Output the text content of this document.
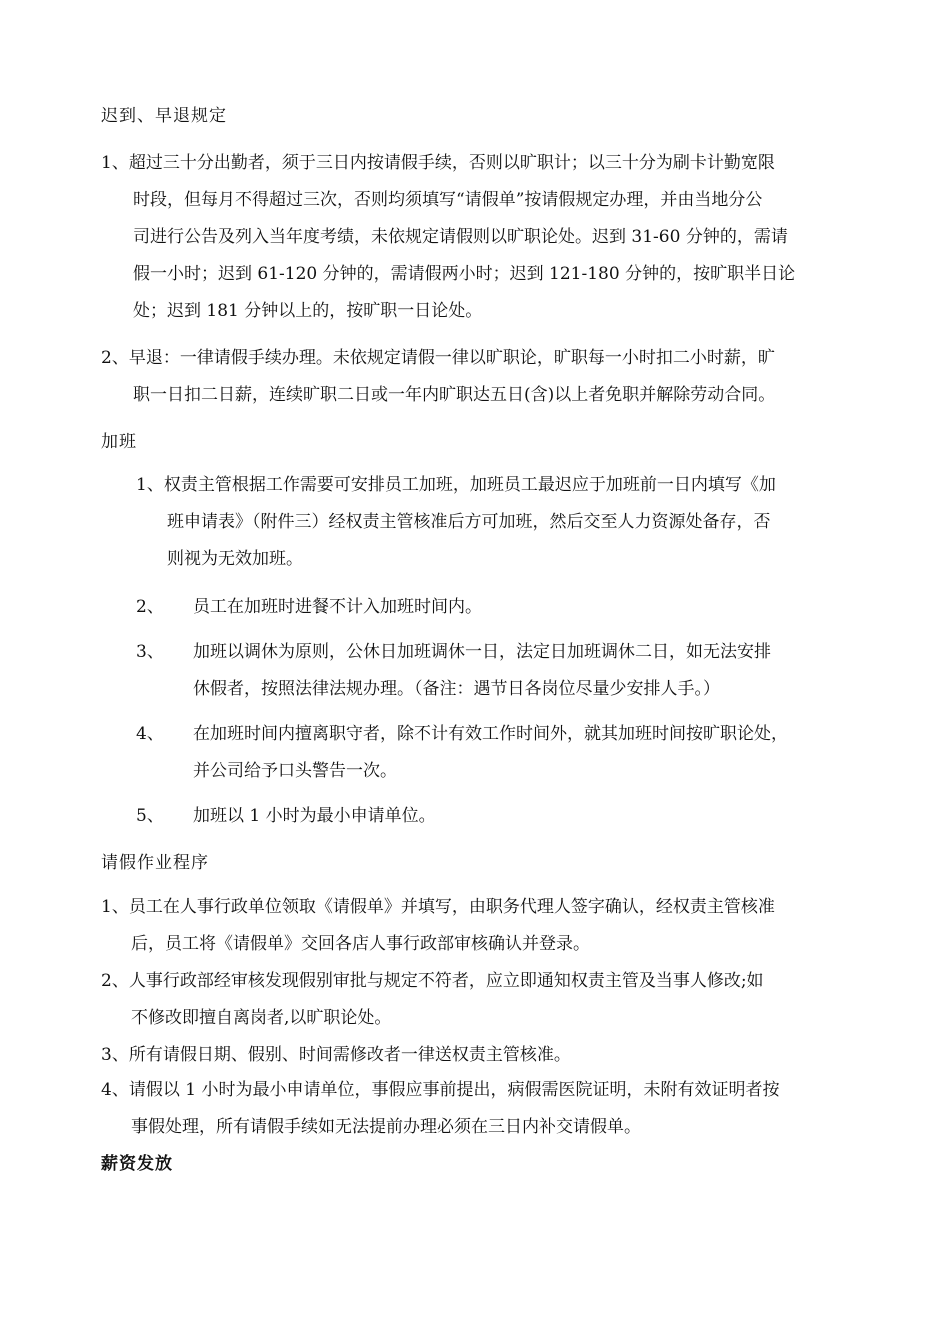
迟到、早退规定
1、超过三十分出勤者，须于三日内按请假手续，否则以旷职计；以三十分为刷卡计勤宽限
时段，但每月不得超过三次，否则均须填写“请假单”按请假规定办理，并由当地分公
司进行公告及列入当年度考绩，未依规定请假则以旷职论处。迟到 31-60 分钟的，需请
假一小时；迟到 61-120 分钟的，需请假两小时；迟到 121-180 分钟的，按旷职半日论
处；迟到 181 分钟以上的，按旷职一日论处。
2、早退：一律请假手续办理。未依规定请假一律以旷职论，旷职每一小时扣二小时薪，旷
职一日扣二日薪，连续旷职二日或一年内旷职达五日(含)以上者免职并解除劳动合同。
加班
1、权责主管根据工作需要可安排员工加班，加班员工最迟应于加班前一日内填写《加
班申请表》（附件三）经权责主管核准后方可加班，然后交至人力资源处备存，否
则视为无效加班。
2、 员工在加班时进餐不计入加班时间内。
3、 加班以调休为原则，公休日加班调休一日，法定日加班调休二日，如无法安排
休假者，按照法律法规办理。（备注：遇节日各岗位尽量少安排人手。）
4、 在加班时间内擅离职守者，除不计有效工作时间外，就其加班时间按旷职论处，
并公司给予口头警告一次。
5、 加班以 1 小时为最小申请单位。
请假作业程序
1、员工在人事行政单位领取《请假单》并填写，由职务代理人签字确认，经权责主管核准
后，员工将《请假单》交回各店人事行政部审核确认并登录。
2、人事行政部经审核发现假别审批与规定不符者，应立即通知权责主管及当事人修改;如
不修改即擅自离岗者,以旷职论处。
3、所有请假日期、假别、时间需修改者一律送权责主管核准。
4、请假以 1 小时为最小申请单位，事假应事前提出，病假需医院证明，未附有效证明者按
事假处理，所有请假手续如无法提前办理必须在三日内补交请假单。
薪资发放
